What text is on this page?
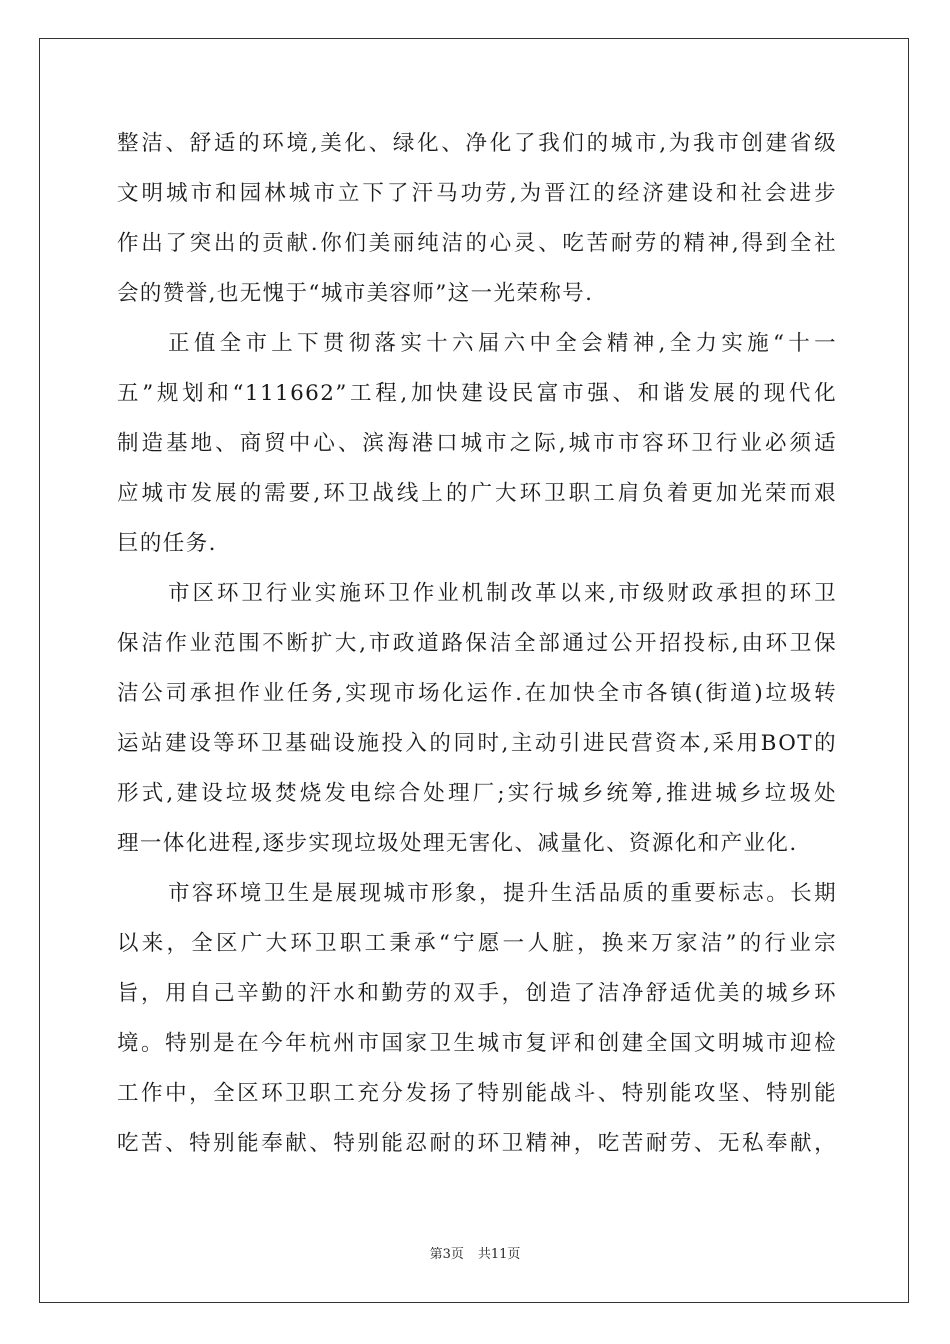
整洁、舒适的环境,美化、绿化、净化了我们的城市,为我市创建省级
文明城市和园林城市立下了汗马功劳,为晋江的经济建设和社会进步
作出了突出的贡献.你们美丽纯洁的心灵、吃苦耐劳的精神,得到全社
会的赞誉,也无愧于“城市美容师”这一光荣称号.
正值全市上下贯彻落实十六届六中全会精神,全力实施“十一
五”规划和“111662”工程,加快建设民富市强、和谐发展的现代化
制造基地、商贸中心、滨海港口城市之际,城市市容环卫行业必须适
应城市发展的需要,环卫战线上的广大环卫职工肩负着更加光荣而艰
巨的任务.
市区环卫行业实施环卫作业机制改革以来,市级财政承担的环卫
保洁作业范围不断扩大,市政道路保洁全部通过公开招投标,由环卫保
洁公司承担作业任务,实现市场化运作.在加快全市各镇(街道)垃圾转
运站建设等环卫基础设施投入的同时,主动引进民营资本,采用BOT的
形式,建设垃圾焚烧发电综合处理厂;实行城乡统筹,推进城乡垃圾处
理一体化进程,逐步实现垃圾处理无害化、减量化、资源化和产业化.
市容环境卫生是展现城市形象，提升生活品质的重要标志。长期
以来，全区广大环卫职工秉承“宁愿一人脏，换来万家洁”的行业宗
旨，用自己辛勤的汗水和勤劳的双手，创造了洁净舒适优美的城乡环
境。特别是在今年杭州市国家卫生城市复评和创建全国文明城市迎检
工作中，全区环卫职工充分发扬了特别能战斗、特别能攻坚、特别能
吃苦、特别能奉献、特别能忍耐的环卫精神，吃苦耐劳、无私奉献，
第3页 共11页
